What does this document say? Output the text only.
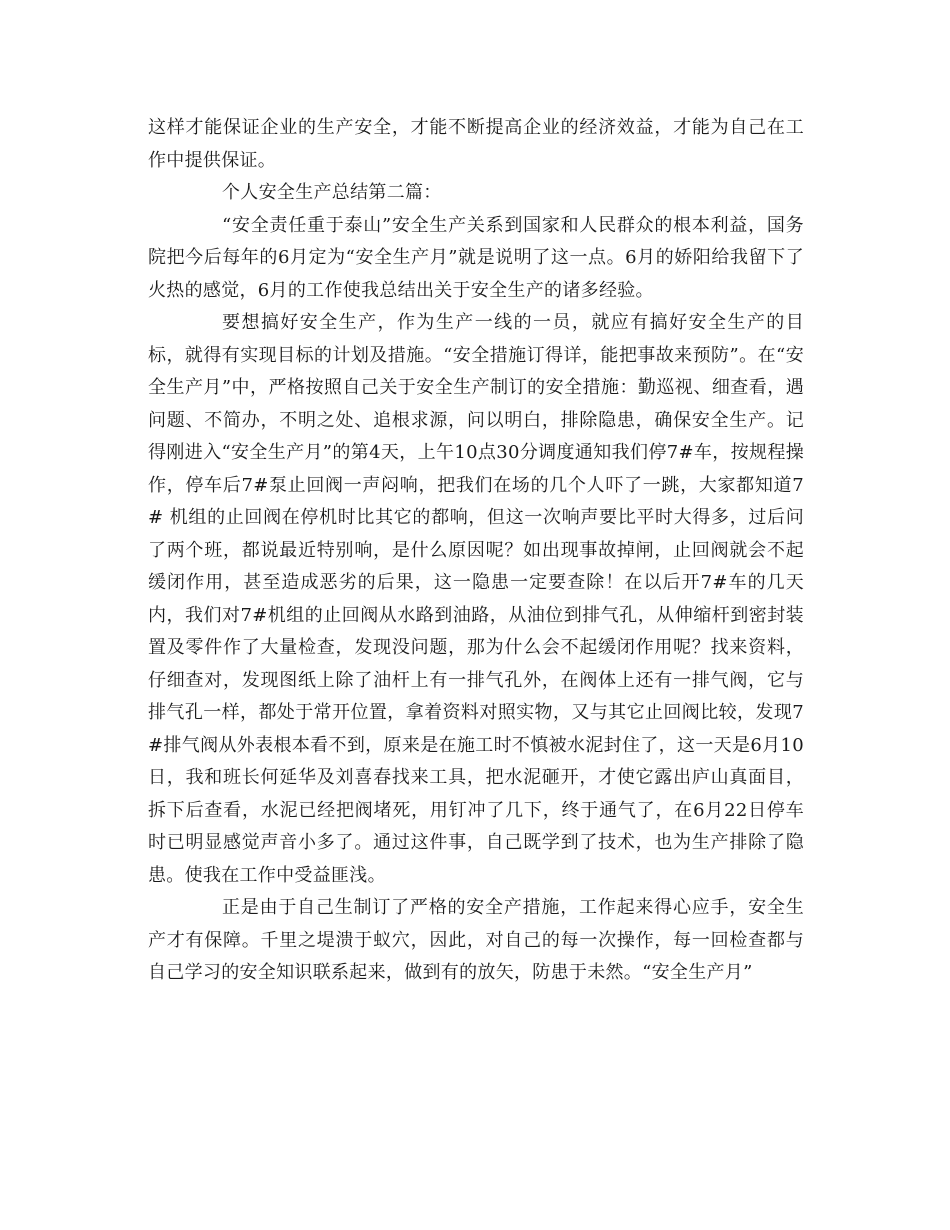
这样才能保证企业的生产安全，才能不断提高企业的经济效益，才能为自己在工作中提供保证。

个人安全生产总结第二篇：

“安全责任重于泰山”安全生产关系到国家和人民群众的根本利益，国务院把今后每年的6月定为“安全生产月”就是说明了这一点。6月的娇阳给我留下了火热的感觉，6月的工作使我总结出关于安全生产的诸多经验。

要想搞好安全生产，作为生产一线的一员，就应有搞好安全生产的目标，就得有实现目标的计划及措施。“安全措施订得详，能把事故来预防”。在“安全生产月”中，严格按照自己关于安全生产制订的安全措施：勤巡视、细查看，遇问题、不简办，不明之处、追根求源，问以明白，排除隐患，确保安全生产。记得刚进入“安全生产月”的第4天，上午10点30分调度通知我们停7#车，按规程操作，停车后7#泵止回阀一声闷响，把我们在场的几个人吓了一跳，大家都知道7# 机组的止回阀在停机时比其它的都响，但这一次响声要比平时大得多，过后问了两个班，都说最近特别响，是什么原因呢？如出现事故掉闸，止回阀就会不起缓闭作用，甚至造成恶劣的后果，这一隐患一定要查除！在以后开7#车的几天内，我们对7#机组的止回阀从水路到油路，从油位到排气孔，从伸缩杆到密封装置及零件作了大量检查，发现没问题，那为什么会不起缓闭作用呢？找来资料，仔细查对，发现图纸上除了油杆上有一排气孔外，在阀体上还有一排气阀，它与排气孔一样，都处于常开位置，拿着资料对照实物，又与其它止回阀比较，发现7#排气阀从外表根本看不到，原来是在施工时不慎被水泥封住了，这一天是6月10日，我和班长何延华及刘喜春找来工具，把水泥砸开，才使它露出庐山真面目，拆下后查看，水泥已经把阀堵死，用钉冲了几下，终于通气了，在6月22日停车时已明显感觉声音小多了。通过这件事，自己既学到了技术，也为生产排除了隐患。使我在工作中受益匪浅。

正是由于自己生制订了严格的安全产措施，工作起来得心应手，安全生产才有保障。千里之堤溃于蚁穴，因此，对自己的每一次操作，每一回检查都与自己学习的安全知识联系起来，做到有的放矢，防患于未然。“安全生产月”
